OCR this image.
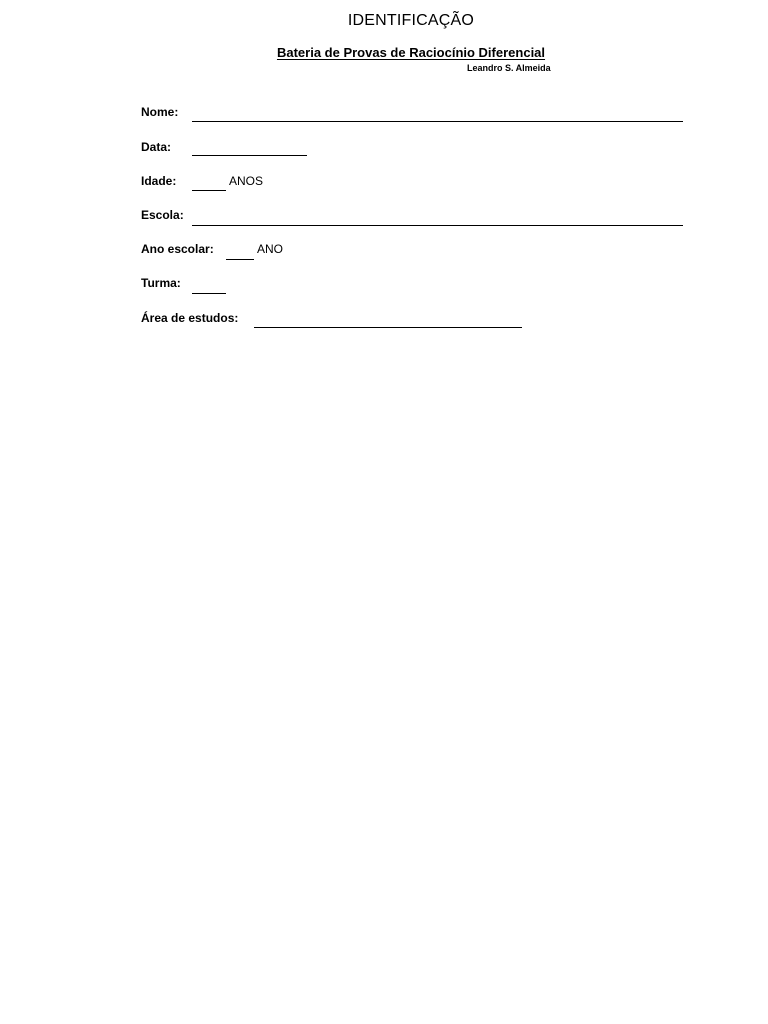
IDENTIFICAÇÃO
Bateria de Provas de Raciocínio Diferencial
Leandro S. Almeida
Nome:
Data:
Idade:	ANOS
Escola:
Ano escolar:	ANO
Turma:
Área de estudos:
